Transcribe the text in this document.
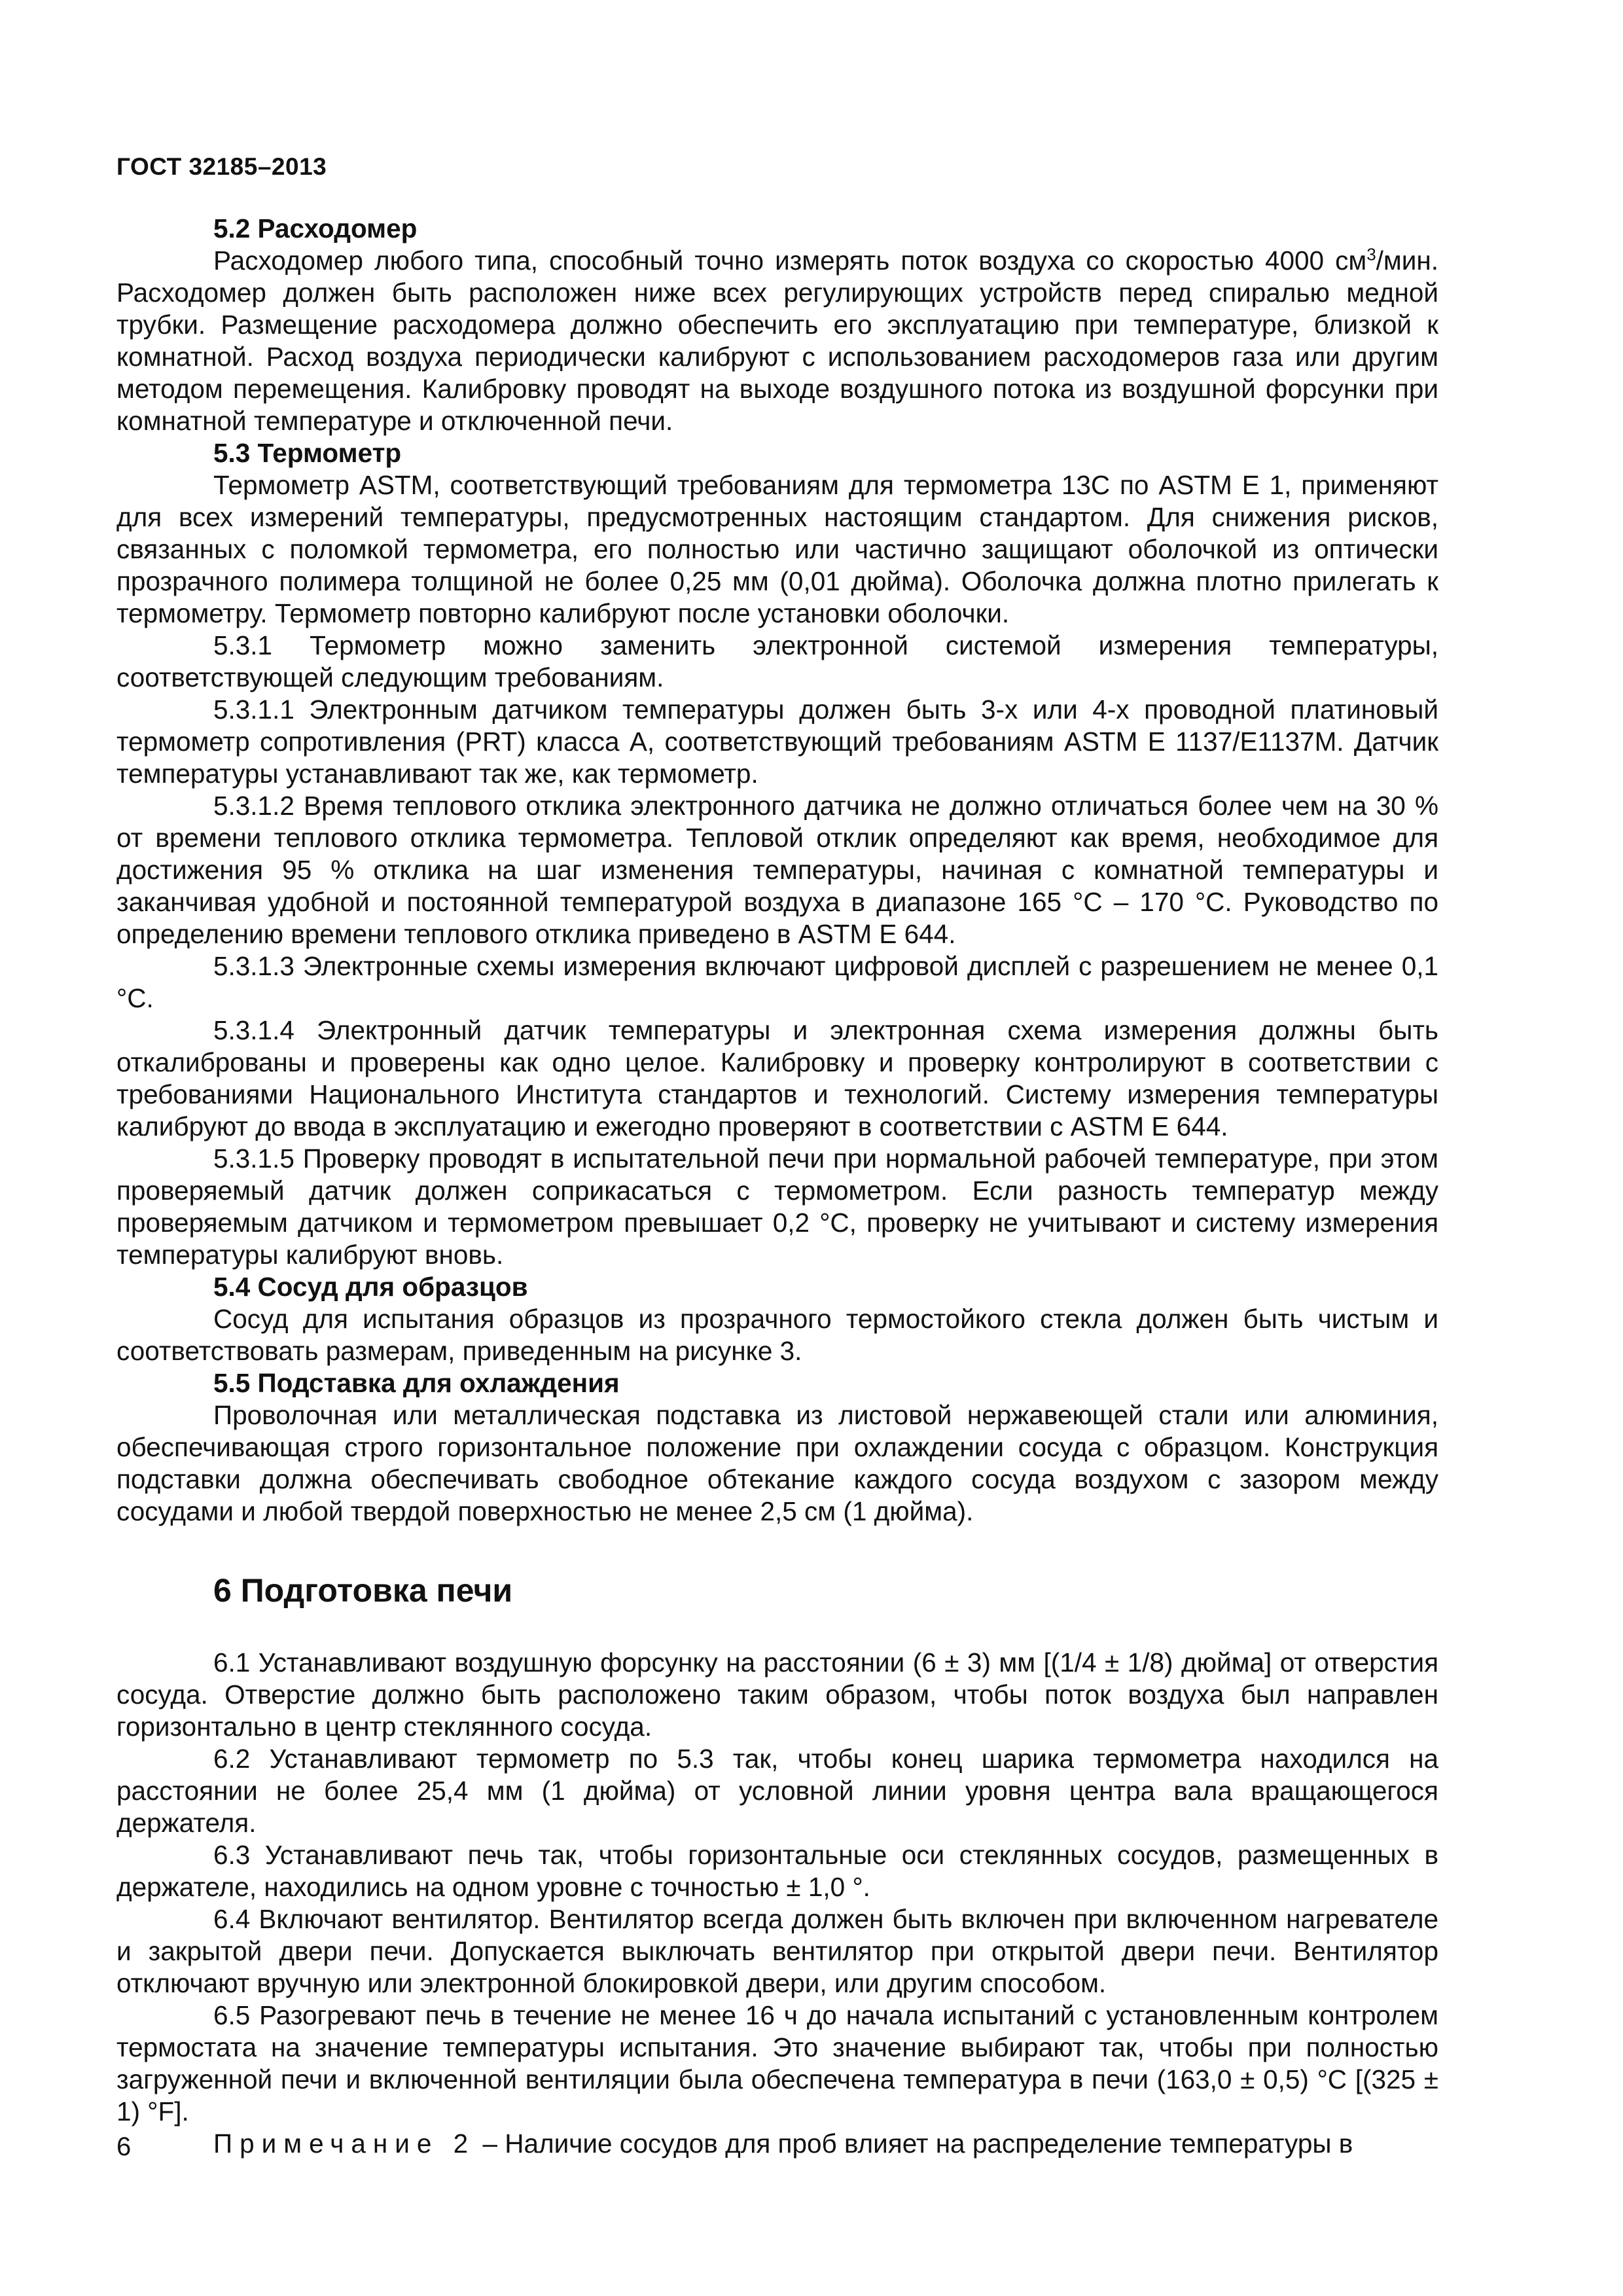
ГОСТ 32185–2013

5.2 Расходомер

Расходомер любого типа, способный точно измерять поток воздуха со скоростью 4000 $см^3$/мин. Расходомер должен быть расположен ниже всех регулирующих устройств перед спиралью медной трубки. Размещение расходомера должно обеспечить его эксплуатацию при температуре, близкой к комнатной. Расход воздуха периодически калибруют с использованием расходомеров газа или другим методом перемещения. Калибровку проводят на выходе воздушного потока из воздушной форсунки при комнатной температуре и отключенной печи.

5.3 Термометр

Термометр ASTM, соответствующий требованиям для термометра 13С по ASTM E 1, применяют для всех измерений температуры, предусмотренных настоящим стандартом. Для снижения рисков, связанных с поломкой термометра, его полностью или частично защищают оболочкой из оптически прозрачного полимера толщиной не более 0,25 мм (0,01 дюйма). Оболочка должна плотно прилегать к термометру. Термометр повторно калибруют после установки оболочки.

5.3.1 Термометр можно заменить электронной системой измерения температуры, соответствующей следующим требованиям.

5.3.1.1 Электронным датчиком температуры должен быть 3-х или 4-х проводной платиновый термометр сопротивления (PRT) класса А, соответствующий требованиям ASTM E 1137/E1137M. Датчик температуры устанавливают так же, как термометр.

5.3.1.2 Время теплового отклика электронного датчика не должно отличаться более чем на 30 % от времени теплового отклика термометра. Тепловой отклик определяют как время, необходимое для достижения 95 % отклика на шаг изменения температуры, начиная с комнатной температуры и заканчивая удобной и постоянной температурой воздуха в диапазоне 165 °С – 170 °С. Руководство по определению времени теплового отклика приведено в ASTM E 644.

5.3.1.3 Электронные схемы измерения включают цифровой дисплей с разрешением не менее 0,1 °С.

5.3.1.4 Электронный датчик температуры и электронная схема измерения должны быть откалиброваны и проверены как одно целое. Калибровку и проверку контролируют в соответствии с требованиями Национального Института стандартов и технологий. Систему измерения температуры калибруют до ввода в эксплуатацию и ежегодно проверяют в соответствии с ASTM E 644.

5.3.1.5 Проверку проводят в испытательной печи при нормальной рабочей температуре, при этом проверяемый датчик должен соприкасаться с термометром. Если разность температур между проверяемым датчиком и термометром превышает 0,2 °С, проверку не учитывают и систему измерения температуры калибруют вновь.

5.4 Сосуд для образцов

Сосуд для испытания образцов из прозрачного термостойкого стекла должен быть чистым и соответствовать размерам, приведенным на рисунке 3.

5.5 Подставка для охлаждения

Проволочная или металлическая подставка из листовой нержавеющей стали или алюминия, обеспечивающая строго горизонтальное положение при охлаждении сосуда с образцом. Конструкция подставки должна обеспечивать свободное обтекание каждого сосуда воздухом с зазором между сосудами и любой твердой поверхностью не менее 2,5 см (1 дюйма).

6 Подготовка печи

6.1 Устанавливают воздушную форсунку на расстоянии (6 ± 3) мм [(1/4 ± 1/8) дюйма] от отверстия сосуда. Отверстие должно быть расположено таким образом, чтобы поток воздуха был направлен горизонтально в центр стеклянного сосуда.

6.2 Устанавливают термометр по 5.3 так, чтобы конец шарика термометра находился на расстоянии не более 25,4 мм (1 дюйма) от условной линии уровня центра вала вращающегося держателя.

6.3 Устанавливают печь так, чтобы горизонтальные оси стеклянных сосудов, размещенных в держателе, находились на одном уровне с точностью ± 1,0 °.

6.4 Включают вентилятор. Вентилятор всегда должен быть включен при включенном нагревателе и закрытой двери печи. Допускается выключать вентилятор при открытой двери печи. Вентилятор отключают вручную или электронной блокировкой двери, или другим способом.

6.5 Разогревают печь в течение не менее 16 ч до начала испытаний с установленным контролем термостата на значение температуры испытания. Это значение выбирают так, чтобы при полностью загруженной печи и включенной вентиляции была обеспечена температура в печи (163,0 ± 0,5) °С [(325 ± 1) °F].

Примечание 2 – Наличие сосудов для проб влияет на распределение температуры в

6
